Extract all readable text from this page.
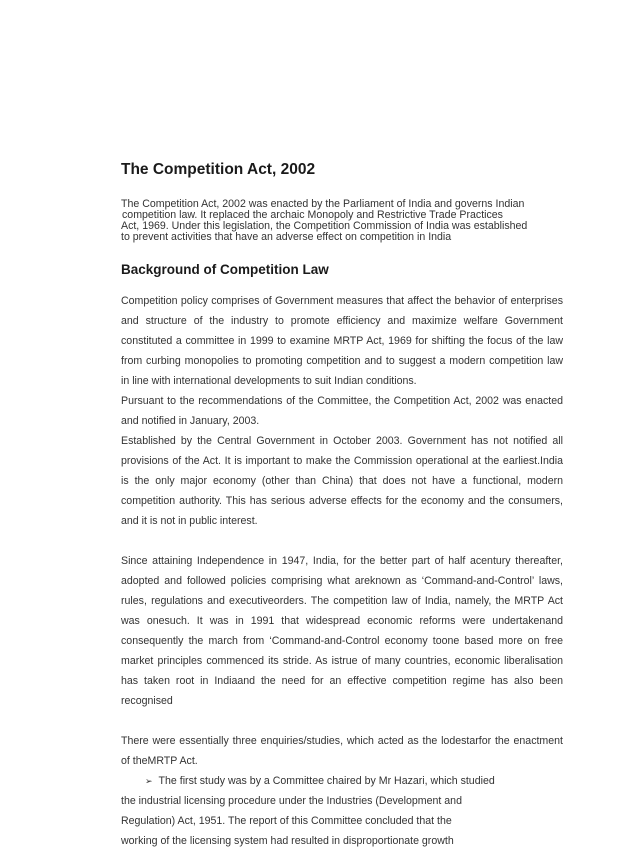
The Competition Act, 2002
The Competition Act, 2002 was enacted by the Parliament of India and governs Indian
competition law. It replaced the archaic Monopoly and Restrictive Trade Practices
Act, 1969. Under this legislation, the Competition Commission of India was established
to prevent activities that have an adverse effect on competition in India
Background of Competition Law

Competition policy comprises of Government measures that affect the behavior of enterprises and structure of the industry to promote efficiency and maximize welfare Government constituted a committee in 1999 to examine MRTP Act, 1969 for shifting the focus of the law from curbing monopolies to promoting competition and to suggest a modern competition law in line with international developments to suit Indian conditions.

Pursuant to the recommendations of the Committee, the Competition Act, 2002 was enacted and notified in January, 2003.

Established by the Central Government in October 2003. Government has not notified all provisions of the Act. It is important to make the Commission operational at the earliest.India is the only major economy (other than China) that does not have a functional, modern competition authority. This has serious adverse effects for the economy and the consumers, and it is not in public interest.

Since attaining Independence in 1947, India, for the better part of half acentury thereafter, adopted and followed policies comprising what areknown as ‘Command-and-Control’ laws, rules, regulations and executiveorders. The competition law of India, namely, the MRTP Act was onesuch. It was in 1991 that widespread economic reforms were undertakenand consequently the march from ‘Command-and-Control economy toone based more on free market principles commenced its stride. As istrue of many countries, economic liberalisation has taken root in Indiaand the need for an effective competition regime has also been recognised

There were essentially three enquiries/studies, which acted as the lodestarfor the enactment of theMRTP Act.

➢ The first study was by a Committee chaired by Mr Hazari, which studied

the industrial licensing procedure under the Industries (Development and

Regulation) Act, 1951. The report of this Committee concluded that the

working of the licensing system had resulted in disproportionate growth
